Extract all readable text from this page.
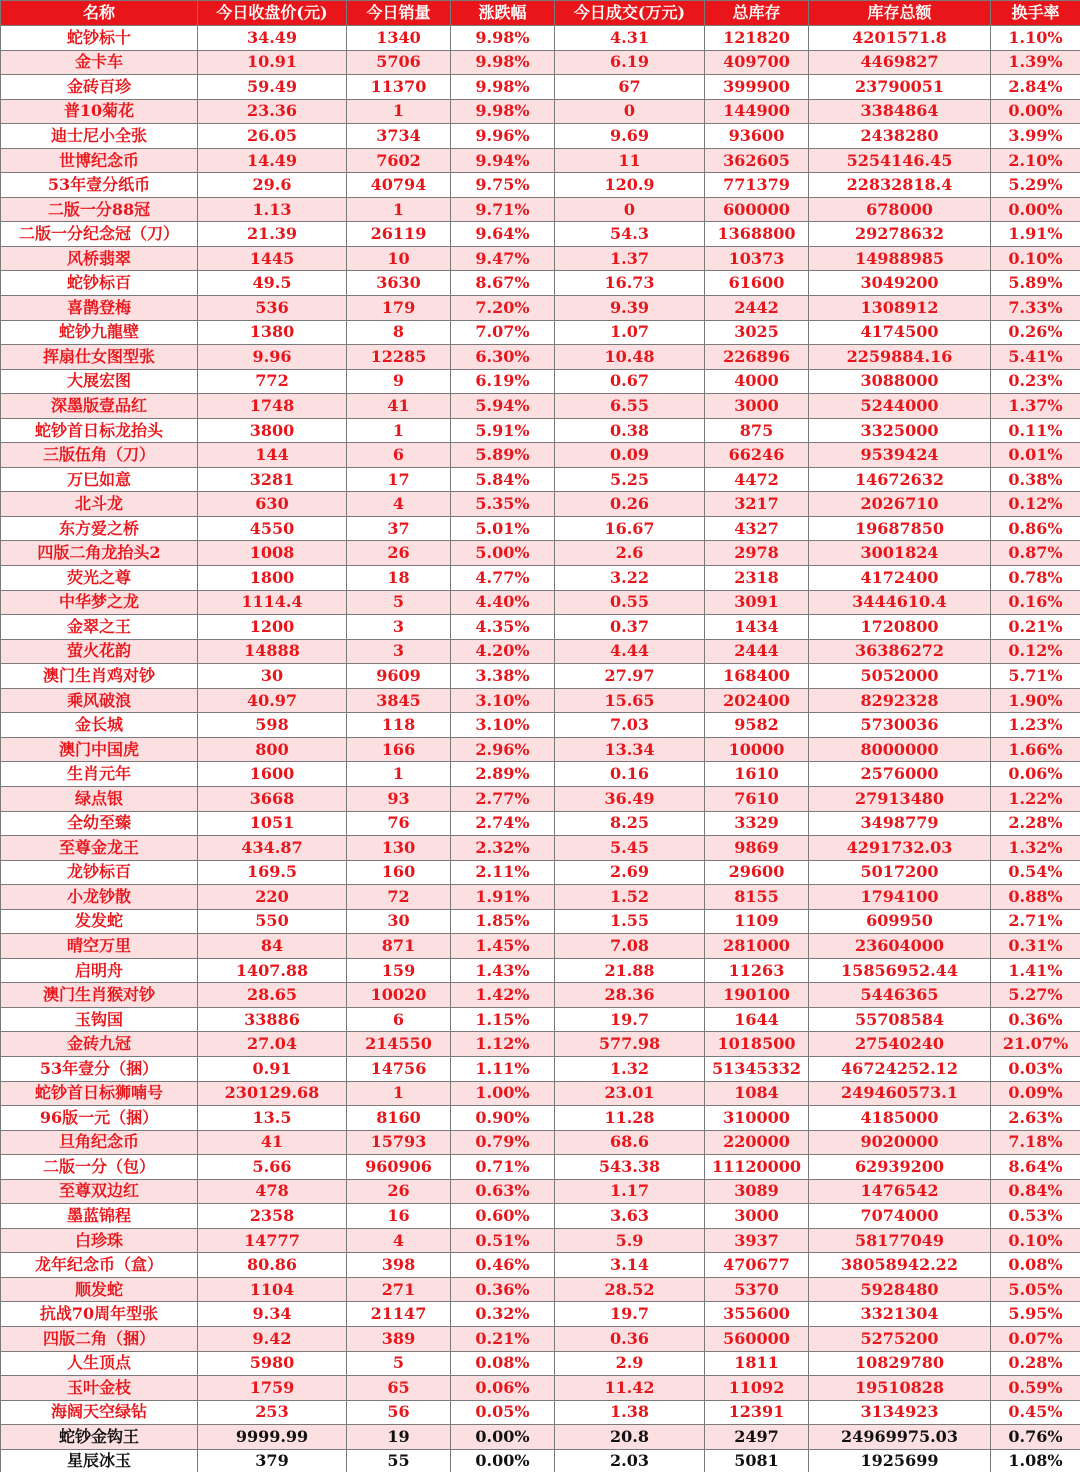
名称	今日收盘价(元)	今日销量	涨跌幅	今日成交(万元)	总库存	库存总额	换手率
蛇钞标十	34.49	1340	9.98%	4.31	121820	4201571.8	1.10%
金卡车	10.91	5706	9.98%	6.19	409700	4469827	1.39%
金砖百珍	59.49	11370	9.98%	67	399900	23790051	2.84%
普10菊花	23.36	1	9.98%	0	144900	3384864	0.00%
迪士尼小全张	26.05	3734	9.96%	9.69	93600	2438280	3.99%
世博纪念币	14.49	7602	9.94%	11	362605	5254146.45	2.10%
53年壹分纸币	29.6	40794	9.75%	120.9	771379	22832818.4	5.29%
二版一分88冠	1.13	1	9.71%	0	600000	678000	0.00%
二版一分纪念冠（刀）	21.39	26119	9.64%	54.3	1368800	29278632	1.91%
风桥翡翠	1445	10	9.47%	1.37	10373	14988985	0.10%
蛇钞标百	49.5	3630	8.67%	16.73	61600	3049200	5.89%
喜鹊登梅	536	179	7.20%	9.39	2442	1308912	7.33%
蛇钞九龍壁	1380	8	7.07%	1.07	3025	4174500	0.26%
挥扇仕女图型张	9.96	12285	6.30%	10.48	226896	2259884.16	5.41%
大展宏图	772	9	6.19%	0.67	4000	3088000	0.23%
深墨版壹品红	1748	41	5.94%	6.55	3000	5244000	1.37%
蛇钞首日标龙抬头	3800	1	5.91%	0.38	875	3325000	0.11%
三版伍角（刀）	144	6	5.89%	0.09	66246	9539424	0.01%
万巳如意	3281	17	5.84%	5.25	4472	14672632	0.38%
北斗龙	630	4	5.35%	0.26	3217	2026710	0.12%
东方爱之桥	4550	37	5.01%	16.67	4327	19687850	0.86%
四版二角龙抬头2	1008	26	5.00%	2.6	2978	3001824	0.87%
荧光之尊	1800	18	4.77%	3.22	2318	4172400	0.78%
中华梦之龙	1114.4	5	4.40%	0.55	3091	3444610.4	0.16%
金翠之王	1200	3	4.35%	0.37	1434	1720800	0.21%
萤火花韵	14888	3	4.20%	4.44	2444	36386272	0.12%
澳门生肖鸡对钞	30	9609	3.38%	27.97	168400	5052000	5.71%
乘风破浪	40.97	3845	3.10%	15.65	202400	8292328	1.90%
金长城	598	118	3.10%	7.03	9582	5730036	1.23%
澳门中国虎	800	166	2.96%	13.34	10000	8000000	1.66%
生肖元年	1600	1	2.89%	0.16	1610	2576000	0.06%
绿点银	3668	93	2.77%	36.49	7610	27913480	1.22%
全幼至臻	1051	76	2.74%	8.25	3329	3498779	2.28%
至尊金龙王	434.87	130	2.32%	5.45	9869	4291732.03	1.32%
龙钞标百	169.5	160	2.11%	2.69	29600	5017200	0.54%
小龙钞散	220	72	1.91%	1.52	8155	1794100	0.88%
发发蛇	550	30	1.85%	1.55	1109	609950	2.71%
晴空万里	84	871	1.45%	7.08	281000	23604000	0.31%
启明舟	1407.88	159	1.43%	21.88	11263	15856952.44	1.41%
澳门生肖猴对钞	28.65	10020	1.42%	28.36	190100	5446365	5.27%
玉钩国	33886	6	1.15%	19.7	1644	55708584	0.36%
金砖九冠	27.04	214550	1.12%	577.98	1018500	27540240	21.07%
53年壹分（捆）	0.91	14756	1.11%	1.32	51345332	46724252.12	0.03%
蛇钞首日标狮喃号	230129.68	1	1.00%	23.01	1084	249460573.1	0.09%
96版一元（捆）	13.5	8160	0.90%	11.28	310000	4185000	2.63%
旦角纪念币	41	15793	0.79%	68.6	220000	9020000	7.18%
二版一分（包）	5.66	960906	0.71%	543.38	11120000	62939200	8.64%
至尊双边红	478	26	0.63%	1.17	3089	1476542	0.84%
墨蓝锦程	2358	16	0.60%	3.63	3000	7074000	0.53%
白珍珠	14777	4	0.51%	5.9	3937	58177049	0.10%
龙年纪念币（盒）	80.86	398	0.46%	3.14	470677	38058942.22	0.08%
顺发蛇	1104	271	0.36%	28.52	5370	5928480	5.05%
抗战70周年型张	9.34	21147	0.32%	19.7	355600	3321304	5.95%
四版二角（捆）	9.42	389	0.21%	0.36	560000	5275200	0.07%
人生顶点	5980	5	0.08%	2.9	1811	10829780	0.28%
玉叶金枝	1759	65	0.06%	11.42	11092	19510828	0.59%
海阔天空绿钻	253	56	0.05%	1.38	12391	3134923	0.45%
蛇钞金钩王	9999.99	19	0.00%	20.8	2497	24969975.03	0.76%
星辰冰玉	379	55	0.00%	2.03	5081	1925699	1.08%
